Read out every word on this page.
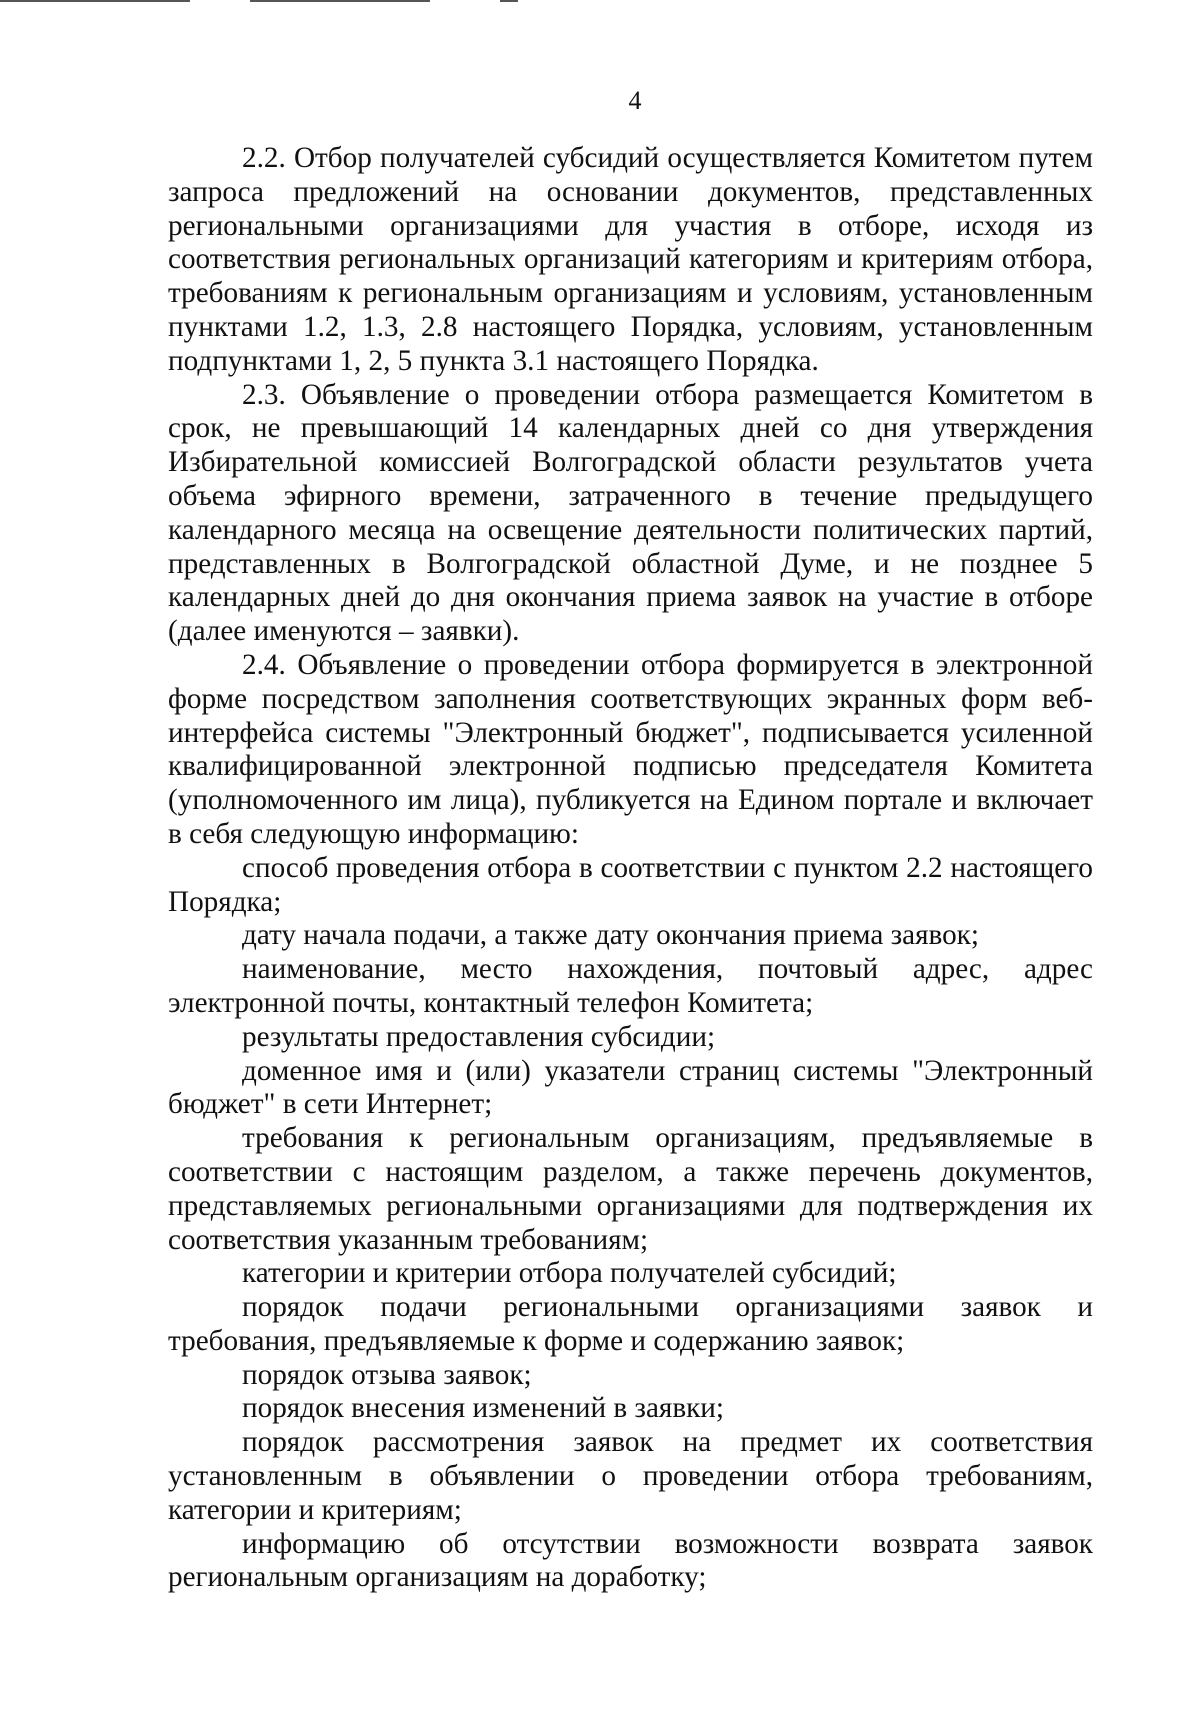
4

2.2. Отбор получателей субсидий осуществляется Комитетом путем запроса предложений на основании документов, представленных региональными организациями для участия в отборе, исходя из соответствия региональных организаций категориям и критериям отбора, требованиям к региональным организациям и условиям, установленным пунктами 1.2, 1.3, 2.8 настоящего Порядка, условиям, установленным подпунктами 1, 2, 5 пункта 3.1 настоящего Порядка.

2.3. Объявление о проведении отбора размещается Комитетом в срок, не превышающий 14 календарных дней со дня утверждения Избирательной комиссией Волгоградской области результатов учета объема эфирного времени, затраченного в течение предыдущего календарного месяца на освещение деятельности политических партий, представленных в Волгоградской областной Думе, и не позднее 5 календарных дней до дня окончания приема заявок на участие в отборе (далее именуются – заявки).

2.4. Объявление о проведении отбора формируется в электронной форме посредством заполнения соответствующих экранных форм веб-интерфейса системы "Электронный бюджет", подписывается усиленной квалифицированной электронной подписью председателя Комитета (уполномоченного им лица), публикуется на Едином портале и включает в себя следующую информацию:

способ проведения отбора в соответствии с пунктом 2.2 настоящего Порядка;

дату начала подачи, а также дату окончания приема заявок;

наименование, место нахождения, почтовый адрес, адрес электронной почты, контактный телефон Комитета;

результаты предоставления субсидии;

доменное имя и (или) указатели страниц системы "Электронный бюджет" в сети Интернет;

требования к региональным организациям, предъявляемые в соответствии с настоящим разделом, а также перечень документов, представляемых региональными организациями для подтверждения их соответствия указанным требованиям;

категории и критерии отбора получателей субсидий;

порядок подачи региональными организациями заявок и требования, предъявляемые к форме и содержанию заявок;

порядок отзыва заявок;

порядок внесения изменений в заявки;

порядок рассмотрения заявок на предмет их соответствия установленным в объявлении о проведении отбора требованиям, категории и критериям;

информацию об отсутствии возможности возврата заявок региональным организациям на доработку;
